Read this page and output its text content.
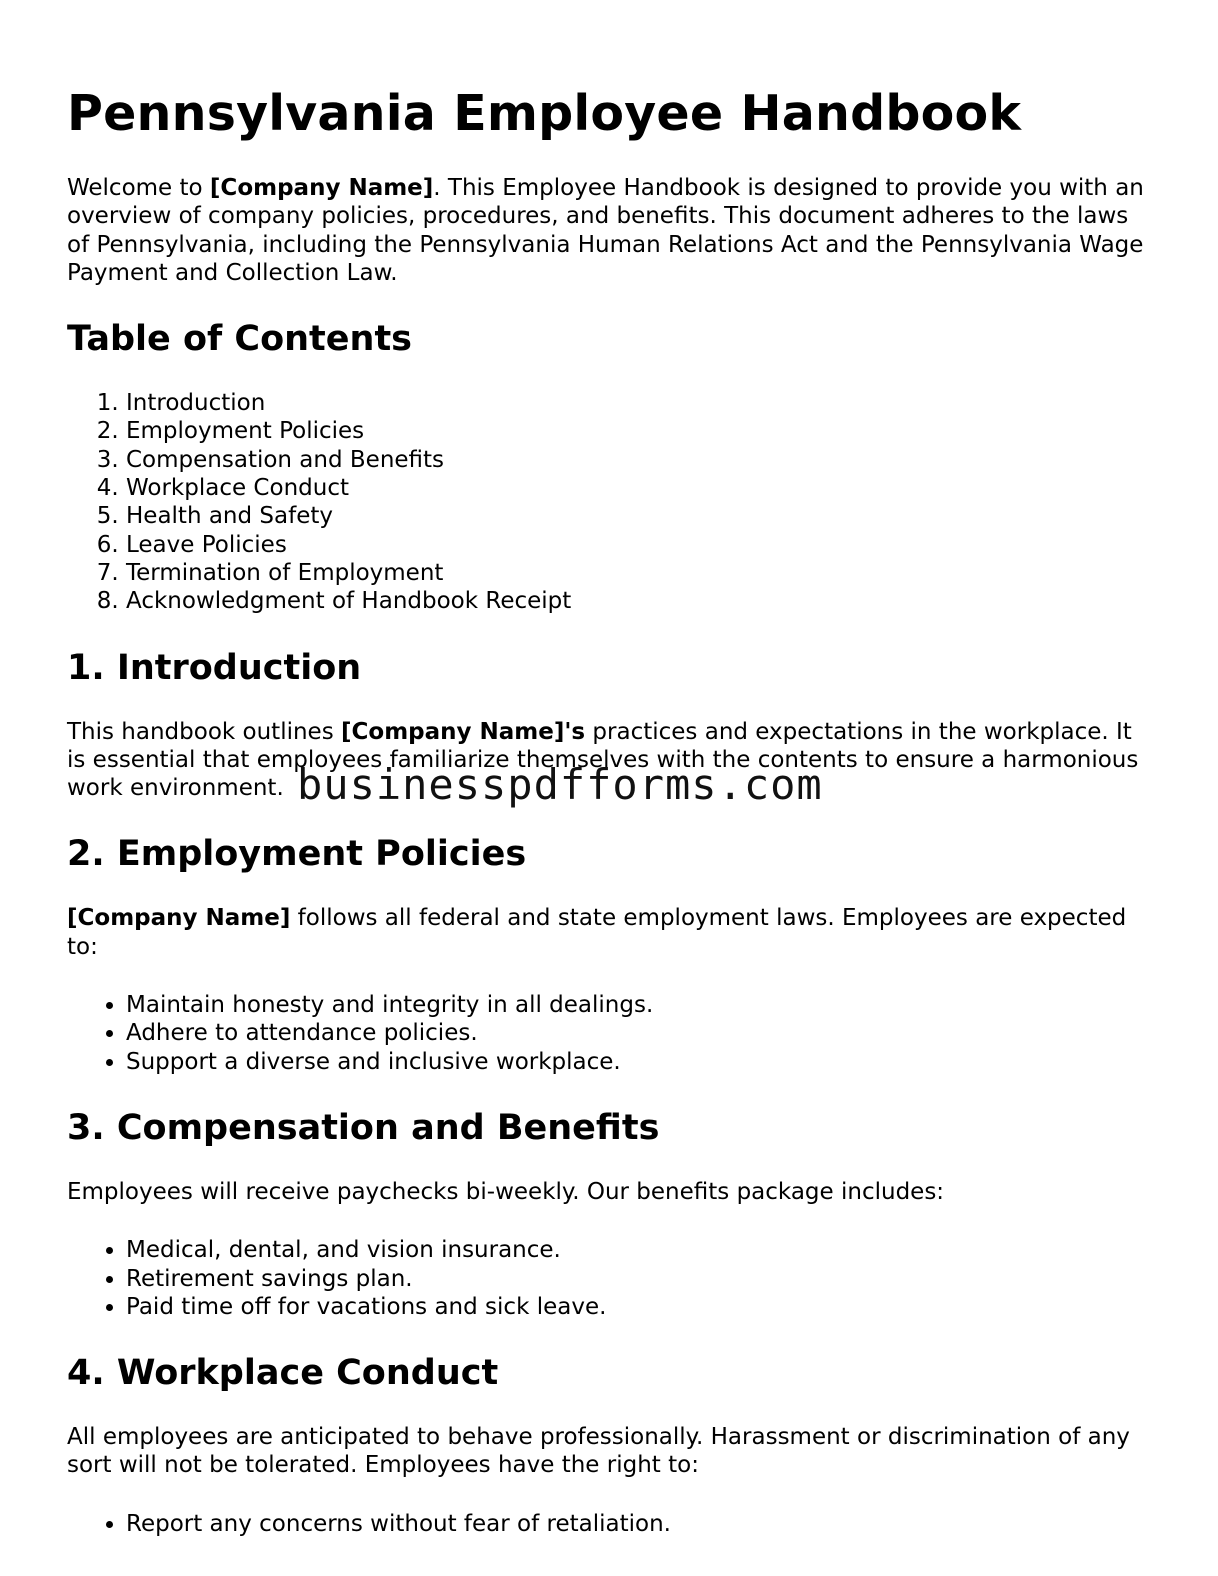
Pennsylvania Employee Handbook

Welcome to [Company Name]. This Employee Handbook is designed to provide you with an overview of company policies, procedures, and benefits. This document adheres to the laws of Pennsylvania, including the Pennsylvania Human Relations Act and the Pennsylvania Wage Payment and Collection Law.

Table of Contents
1. Introduction
2. Employment Policies
3. Compensation and Benefits
4. Workplace Conduct
5. Health and Safety
6. Leave Policies
7. Termination of Employment
8. Acknowledgment of Handbook Receipt
1. Introduction

This handbook outlines [Company Name]'s practices and expectations in the workplace. It is essential that employees familiarize themselves with the contents to ensure a harmonious work environment.

2. Employment Policies

[Company Name] follows all federal and state employment laws. Employees are expected to:

• Maintain honesty and integrity in all dealings.
• Adhere to attendance policies.
• Support a diverse and inclusive workplace.
3. Compensation and Benefits

Employees will receive paychecks bi-weekly. Our benefits package includes:

• Medical, dental, and vision insurance.
• Retirement savings plan.
• Paid time off for vacations and sick leave.
4. Workplace Conduct

All employees are anticipated to behave professionally. Harassment or discrimination of any sort will not be tolerated. Employees have the right to:

• Report any concerns without fear of retaliation.
businesspdfforms.com
